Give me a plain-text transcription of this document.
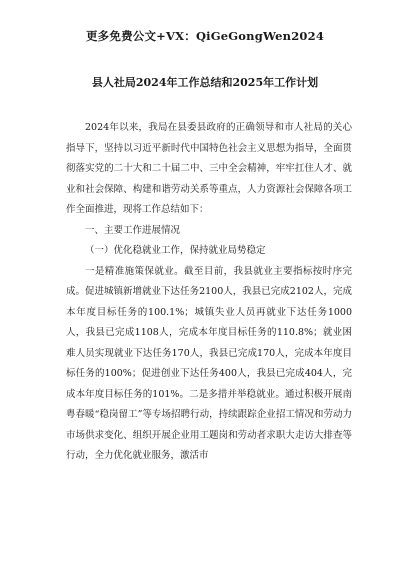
更多免费公文+VX：QiGeGongWen2024
县人社局2024年工作总结和2025年工作计划

2024年以来，我局在县委县政府的正确领导和市人社局的关心指导下，坚持以习近平新时代中国特色社会主义思想为指导，全面贯彻落实党的二十大和二十届二中、三中全会精神，牢牢扛住人才、就业和社会保障、构建和谐劳动关系等重点，人力资源社会保障各项工作全面推进，现将工作总结如下：

一、主要工作进展情况

（一）优化稳就业工作，保持就业局势稳定

一是精准施策保就业。截至目前，我县就业主要指标按时序完成。促进城镇新增就业下达任务2100人，我县已完成2102人，完成本年度目标任务的100.1%；城镇失业人员再就业下达任务1000人，我县已完成1108人，完成本年度目标任务的110.8%；就业困难人员实现就业下达任务170人，我县已完成170人，完成本年度目标任务的100%；促进创业下达任务400人，我县已完成404人，完成本年度目标任务的101%。二是多措并举稳就业。通过积极开展南粤春暖“稳岗留工”等专场招聘行动，持续跟踪企业招工情况和劳动力市场供求变化、组织开展企业用工题岗和劳动者求职大走访大排查等行动，全力优化就业服务，激活市
